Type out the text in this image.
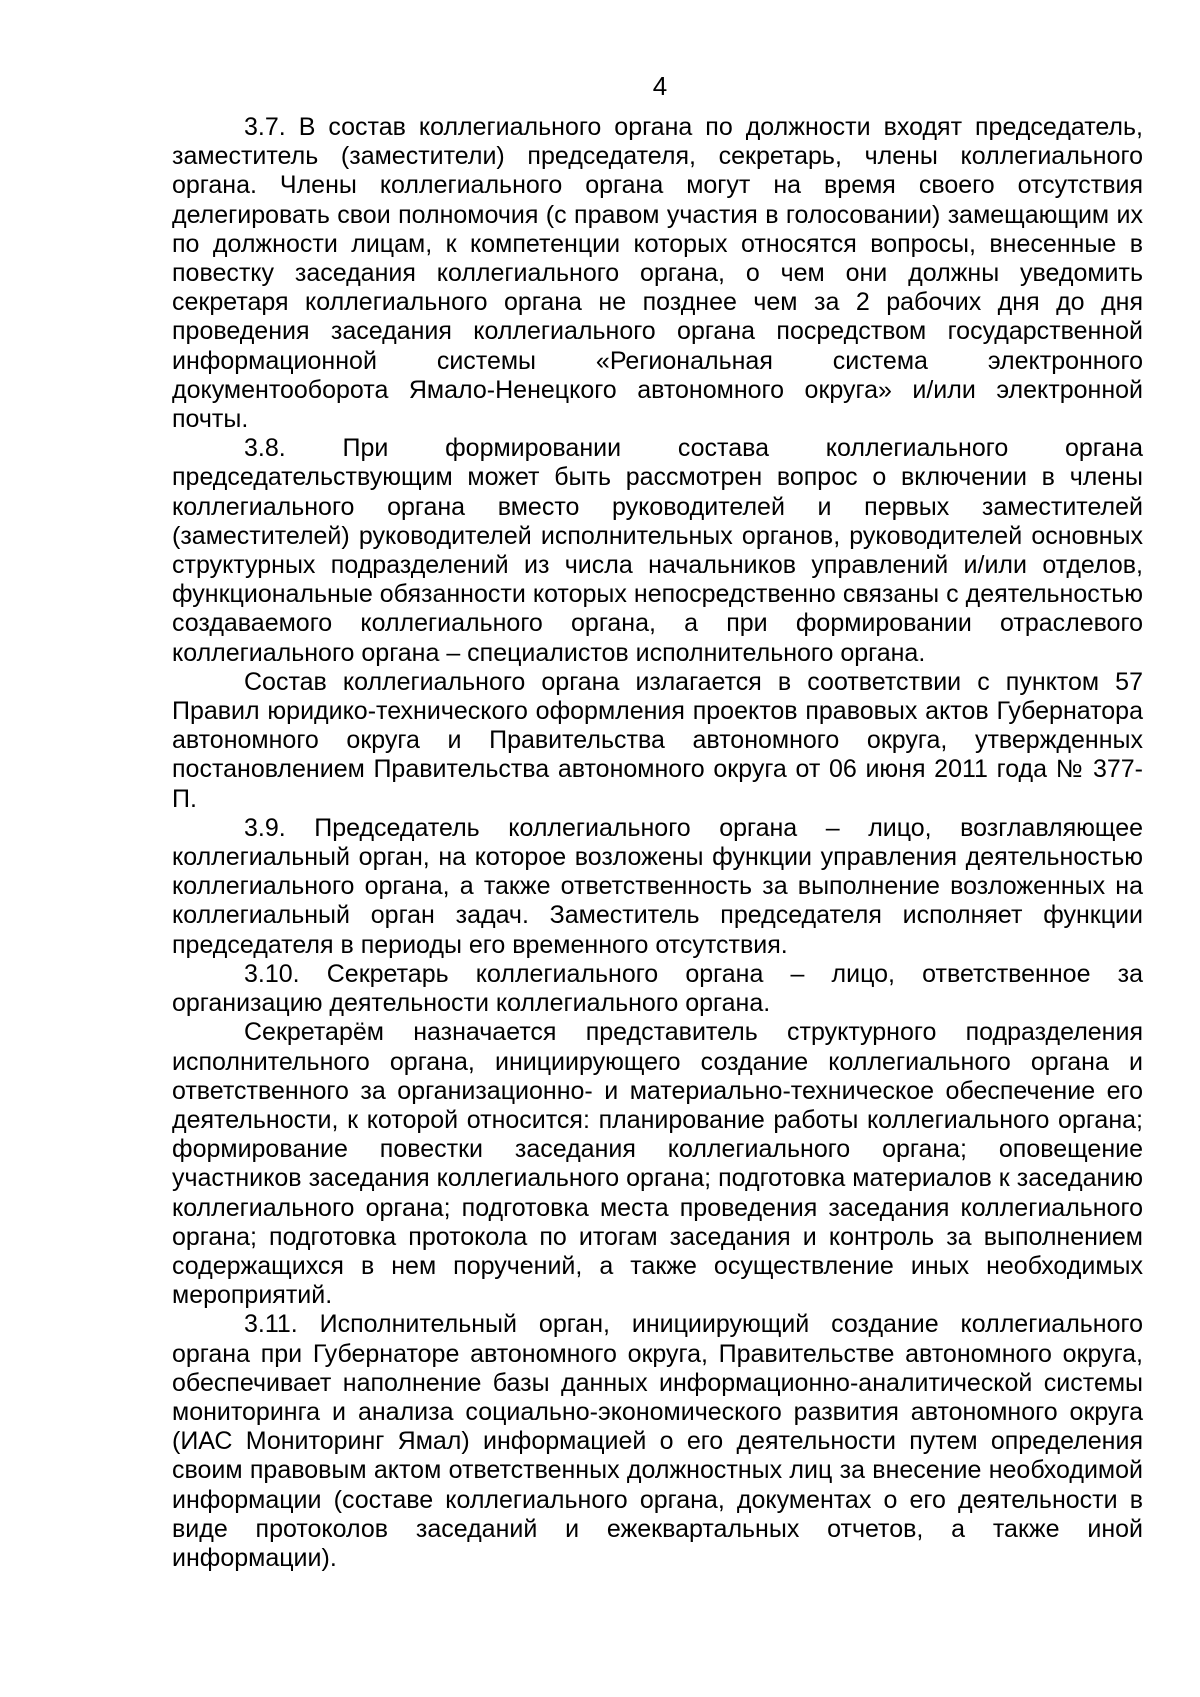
4

3.7. В состав коллегиального органа по должности входят председатель, заместитель (заместители) председателя, секретарь, члены коллегиального органа. Члены коллегиального органа могут на время своего отсутствия делегировать свои полномочия (с правом участия в голосовании) замещающим их по должности лицам, к компетенции которых относятся вопросы, внесенные в повестку заседания коллегиального органа, о чем они должны уведомить секретаря коллегиального органа не позднее чем за 2 рабочих дня до дня проведения заседания коллегиального органа посредством государственной информационной системы «Региональная система электронного документооборота Ямало-Ненецкого автономного округа» и/или электронной почты.

3.8. При формировании состава коллегиального органа председательствующим может быть рассмотрен вопрос о включении в члены коллегиального органа вместо руководителей и первых заместителей (заместителей) руководителей исполнительных органов, руководителей основных структурных подразделений из числа начальников управлений и/или отделов, функциональные обязанности которых непосредственно связаны с деятельностью создаваемого коллегиального органа, а при формировании отраслевого коллегиального органа – специалистов исполнительного органа.

Состав коллегиального органа излагается в соответствии с пунктом 57 Правил юридико-технического оформления проектов правовых актов Губернатора автономного округа и Правительства автономного округа, утвержденных постановлением Правительства автономного округа от 06 июня 2011 года № 377-П.

3.9. Председатель коллегиального органа – лицо, возглавляющее коллегиальный орган, на которое возложены функции управления деятельностью коллегиального органа, а также ответственность за выполнение возложенных на коллегиальный орган задач. Заместитель председателя исполняет функции председателя в периоды его временного отсутствия.

3.10. Секретарь коллегиального органа – лицо, ответственное за организацию деятельности коллегиального органа.

Секретарём назначается представитель структурного подразделения исполнительного органа, инициирующего создание коллегиального органа и ответственного за организационно- и материально-техническое обеспечение его деятельности, к которой относится: планирование работы коллегиального органа; формирование повестки заседания коллегиального органа; оповещение участников заседания коллегиального органа; подготовка материалов к заседанию коллегиального органа; подготовка места проведения заседания коллегиального органа; подготовка протокола по итогам заседания и контроль за выполнением содержащихся в нем поручений, а также осуществление иных необходимых мероприятий.

3.11. Исполнительный орган, инициирующий создание коллегиального органа при Губернаторе автономного округа, Правительстве автономного округа, обеспечивает наполнение базы данных информационно-аналитической системы мониторинга и анализа социально-экономического развития автономного округа (ИАС Мониторинг Ямал) информацией о его деятельности путем определения своим правовым актом ответственных должностных лиц за внесение необходимой информации (составе коллегиального органа, документах о его деятельности в виде протоколов заседаний и ежеквартальных отчетов, а также иной информации).
